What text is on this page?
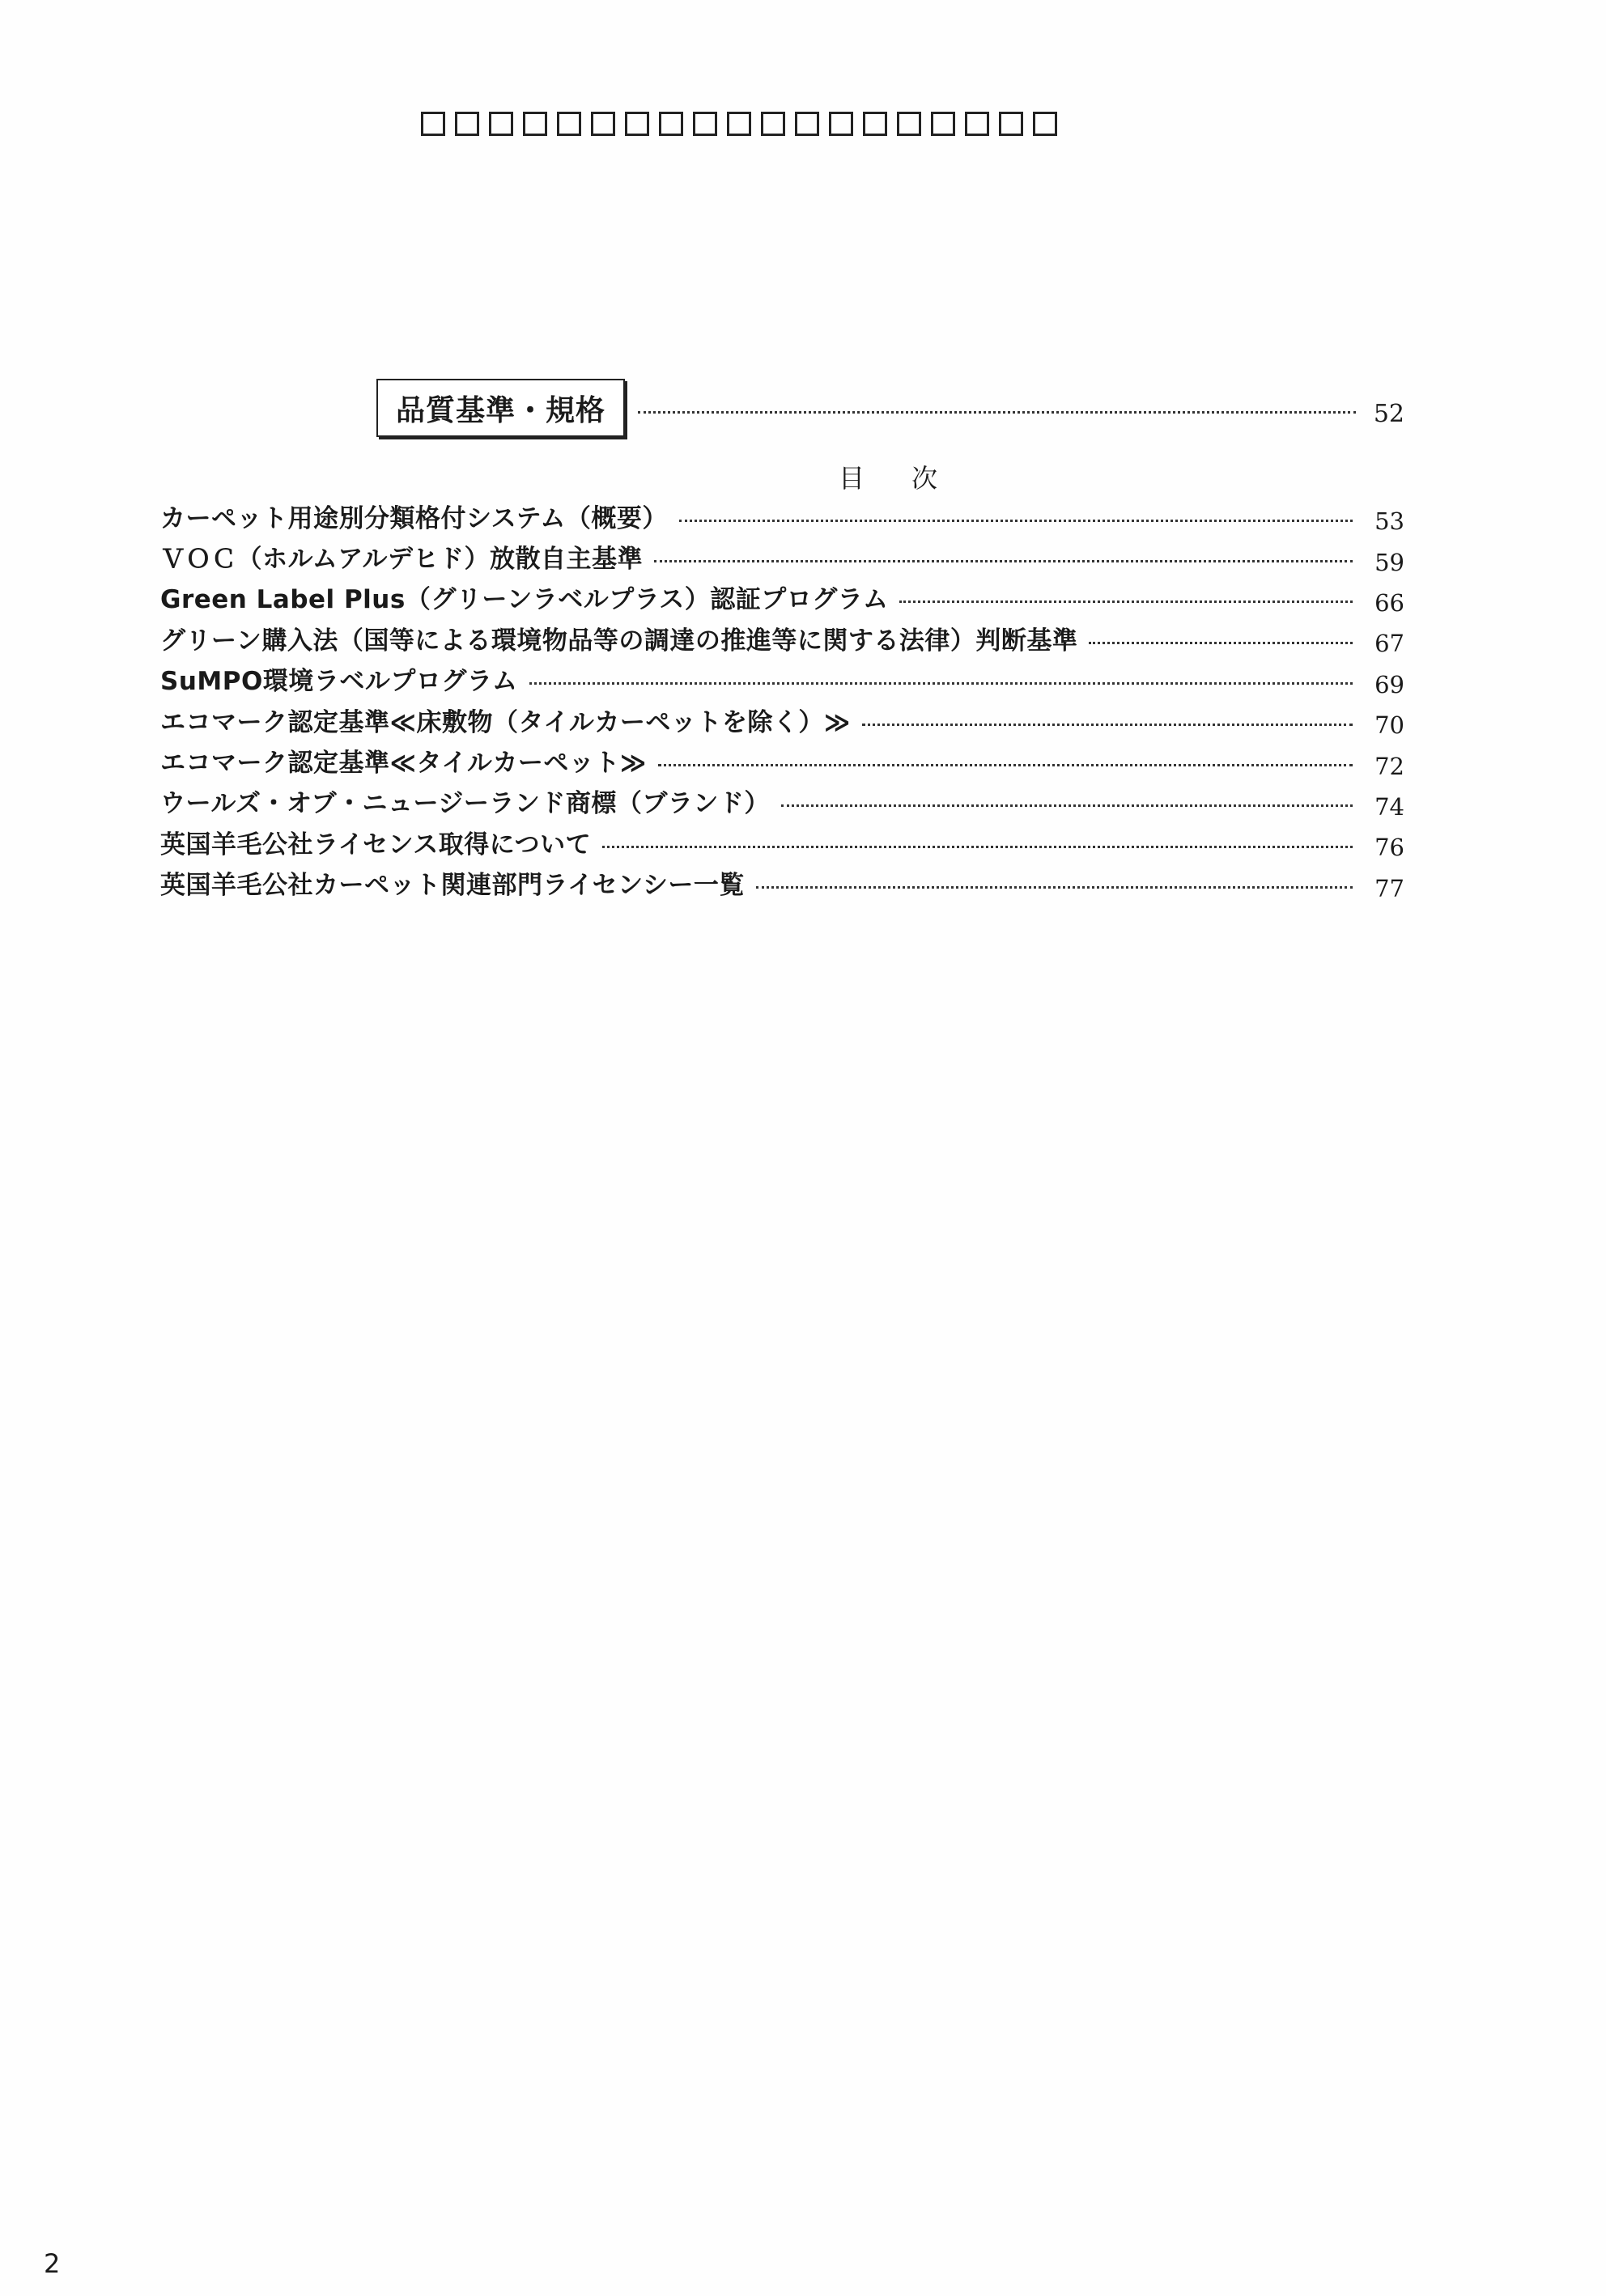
品質基準・規格	52
目次
カーペット用途別分類格付システム（概要）	53
ＶＯＣ（ホルムアルデヒド）放散自主基準	59
Green Label Plus（グリーンラベルプラス）認証プログラム	66
グリーン購入法（国等による環境物品等の調達の推進等に関する法律）判断基準	67
SuMPO環境ラベルプログラム	69
エコマーク認定基準≪床敷物（タイルカーペットを除く）≫	70
エコマーク認定基準≪タイルカーペット≫	72
ウールズ・オブ・ニュージーランド商標（ブランド）	74
英国羊毛公社ライセンス取得について	76
英国羊毛公社カーペット関連部門ライセンシー一覧	77
2
